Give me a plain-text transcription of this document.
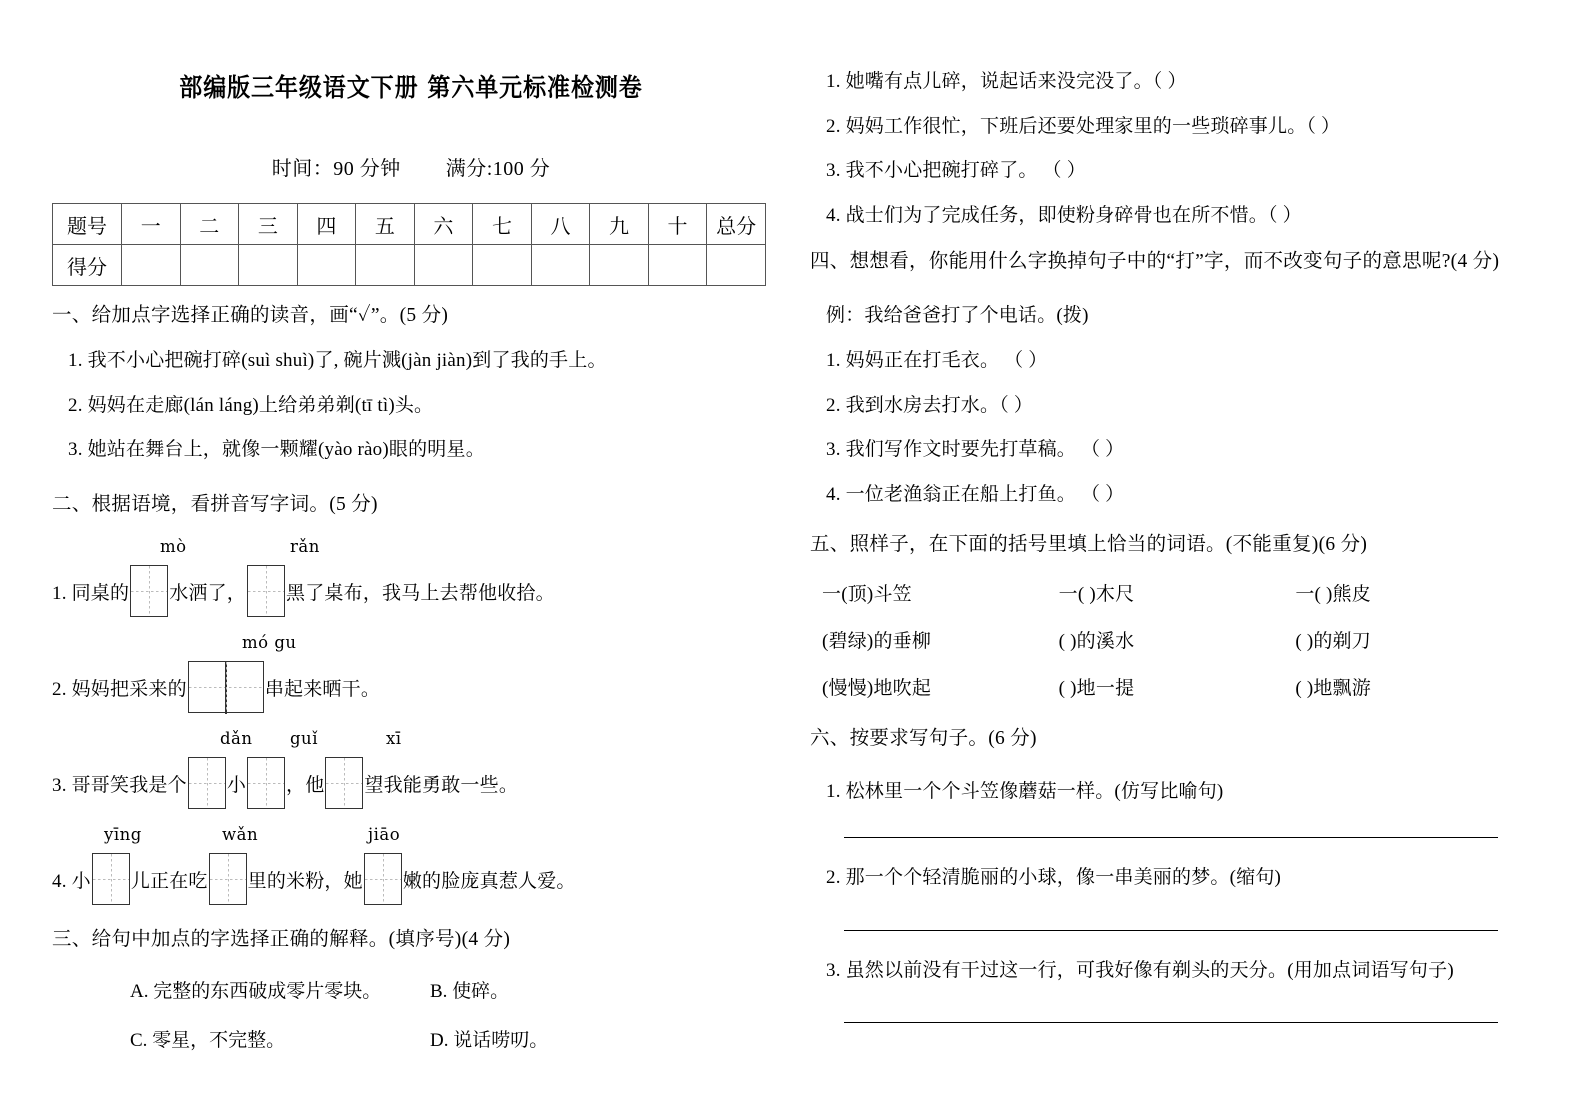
部编版三年级语文下册 第六单元标准检测卷
时间：90 分钟 满分:100 分
题号	一	二	三	四	五	六	七	八	九	十	总分
得分											
一、给加点字选择正确的读音，画“✓”。(5 分)
1. 我不小心把碗打碎(suì shuì)了, 碗片溅(jàn jiàn)到了我的手上。
2. 妈妈在走廊(lán láng)上给弟弟剃(tī tì)头。
3. 她站在舞台上，就像一颗耀(yào rào)眼的明星。
二、根据语境，看拼音写字词。(5 分)
mò	rǎn
1. 同桌的 水洒了， 黑了桌布，我马上去帮他收拾。
mó gu
2. 妈妈把采来的	串起来晒干。
dǎn guǐ	xī
3. 哥哥笑我是个 小 ，他 望我能勇敢一些。
yīng	wǎn	jiāo
4. 小 儿正在吃 里的米粉，她 嫩的脸庞真惹人爱。
三、给句中加点的字选择正确的解释。(填序号)(4 分)
A. 完整的东西破成零片零块。	B. 使碎。
C. 零星，不完整。	D. 说话唠叨。
1. 她嘴有点儿碎，说起话来没完没了。（ ）
2. 妈妈工作很忙，下班后还要处理家里的一些琐碎事儿。（ ）
3. 我不小心把碗打碎了。 （ ）
4. 战士们为了完成任务，即使粉身碎骨也在所不惜。（ ）
四、想想看，你能用什么字换掉句子中的“打”字，而不改变句子的意思呢?(4 分)
例：我给爸爸打了个电话。(拨)
1. 妈妈正在打毛衣。 （ ）
2. 我到水房去打水。（ ）
3. 我们写作文时要先打草稿。 （ ）
4. 一位老渔翁正在船上打鱼。 （ ）
五、照样子，在下面的括号里填上恰当的词语。(不能重复)(6 分)
一(顶)斗笠	一( )木尺	一( )熊皮
(碧绿)的垂柳	( )的溪水	( )的剃刀
(慢慢)地吹起	( )地一提	( )地飘游
六、按要求写句子。(6 分)
1. 松林里一个个斗笠像蘑菇一样。(仿写比喻句)
2. 那一个个轻清脆丽的小球，像一串美丽的梦。(缩句)
3. 虽然以前没有干过这一行，可我好像有剃头的天分。(用加点词语写句子)
